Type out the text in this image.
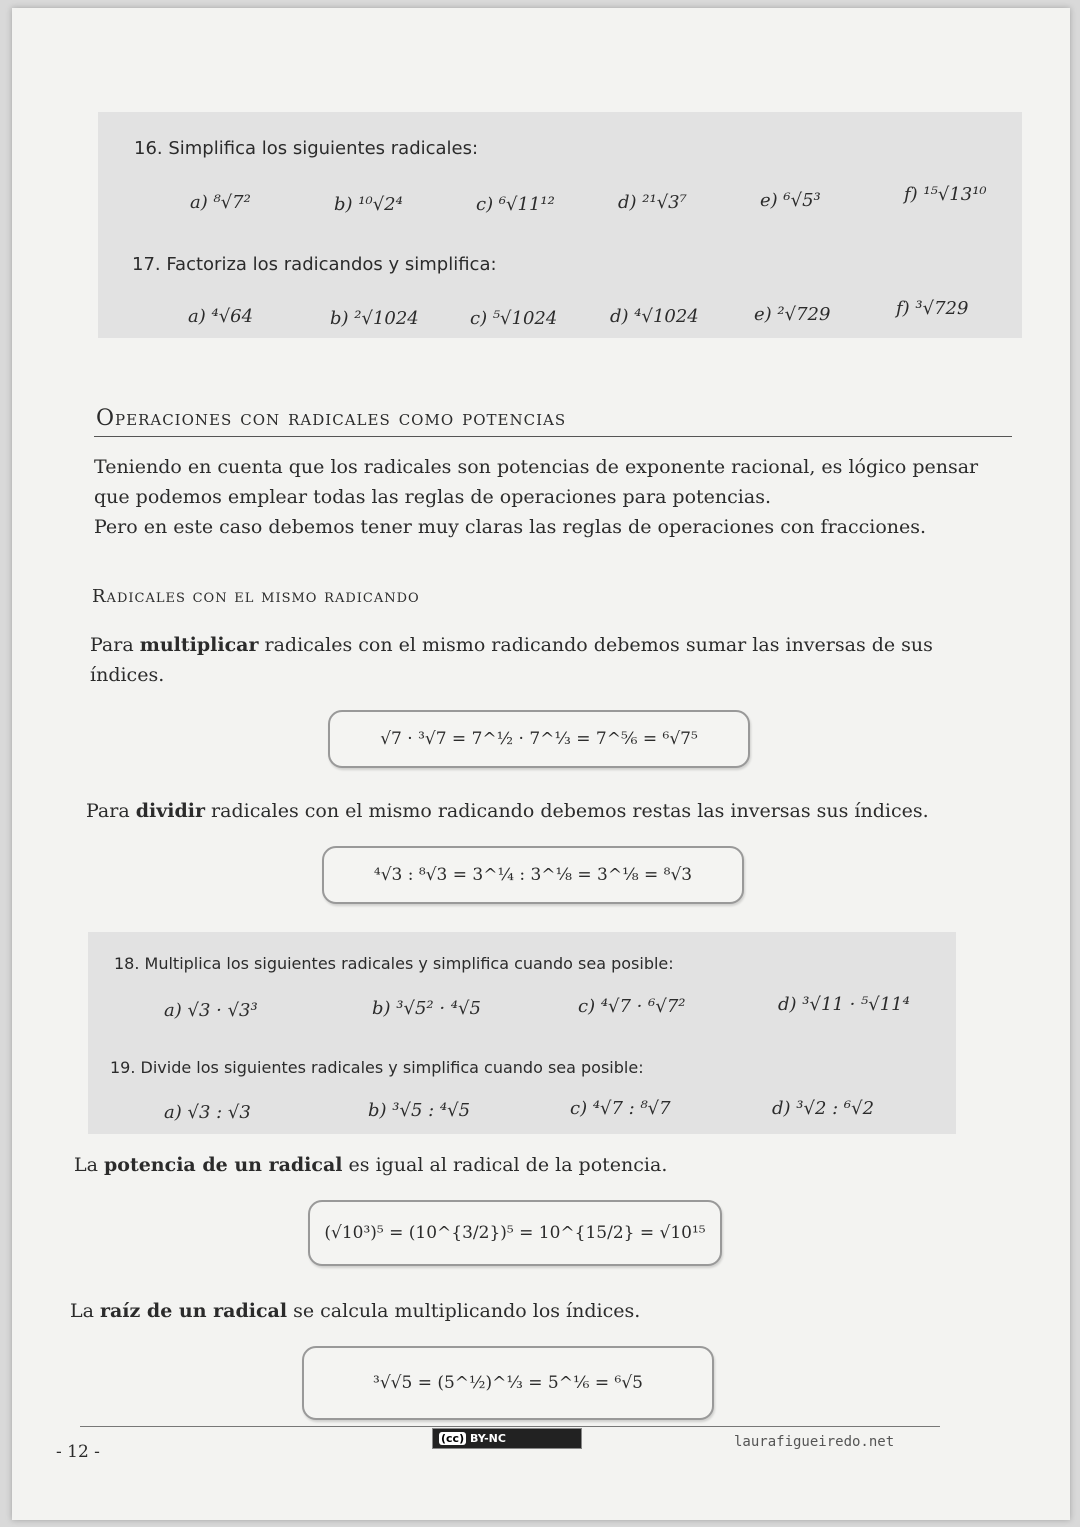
16. Simplifica los siguientes radicales:
a) ⁸√7²	b) ¹⁰√2⁴	c) ⁶√11¹²	d) ²¹√3⁷	e) ⁶√5³	f) ¹⁵√13¹⁰
17. Factoriza los radicandos y simplifica:
a) ⁴√64	b) ²√1024	c) ⁵√1024	d) ⁴√1024	e) ²√729	f) ³√729
Operaciones con radicales como potencias
Teniendo en cuenta que los radicales son potencias de exponente racional, es lógico pensar
que podemos emplear todas las reglas de operaciones para potencias.
Pero en este caso debemos tener muy claras las reglas de operaciones con fracciones.
Radicales con el mismo radicando
Para multiplicar radicales con el mismo radicando debemos sumar las inversas de sus
índices.
√7 · ³√7 = 7^½ · 7^⅓ = 7^⅚ = ⁶√7⁵
Para dividir radicales con el mismo radicando debemos restas las inversas sus índices.
⁴√3 : ⁸√3 = 3^¼ : 3^⅛ = 3^⅛ = ⁸√3
18. Multiplica los siguientes radicales y simplifica cuando sea posible:
a) √3 · √3³	b) ³√5² · ⁴√5	c) ⁴√7 · ⁶√7²	d) ³√11 · ⁵√11⁴
19. Divide los siguientes radicales y simplifica cuando sea posible:
a) √3 : √3	b) ³√5 : ⁴√5	c) ⁴√7 : ⁸√7	d) ³√2 : ⁶√2
La potencia de un radical es igual al radical de la potencia.
(√10³)⁵ = (10^{3/2})⁵ = 10^{15/2} = √10¹⁵
La raíz de un radical se calcula multiplicando los índices.
³√√5 = (5^½)^⅓ = 5^⅙ = ⁶√5
- 12 -
(cc) BY-NC	laurafigueiredo.net
